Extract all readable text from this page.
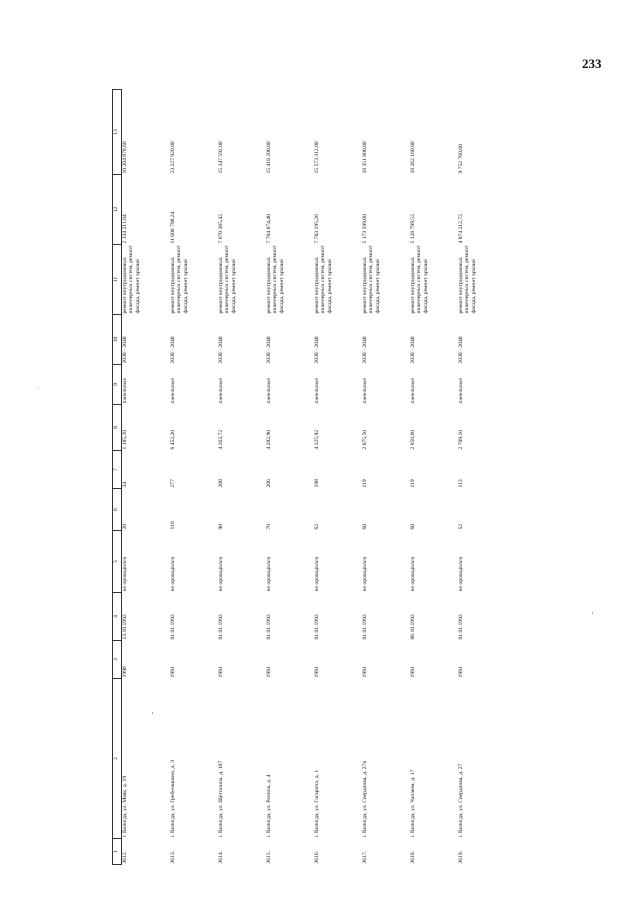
233
1	2	3	4	5	6	7	8	9	10	11	12	13
3612.	г. Вологда, ул. Маяк, д. 19	1990	13.10.1992	не проводился	20	34	1 185,20	панельные	2038 - 2040	ремонт внутридомовых инженерных систем, ремонт фасада, ремонт крыши	2 134 211,04	10 204 878,60
3613.	г. Вологда, ул. Гребенщиков, д. 3	1991	01.01.1992	не проводился	110	277	6 452,20	панельные	2038 - 2040	ремонт внутридомовых инженерных систем, ремонт фасада, ремонт крыши	11 608 798,24	23 227 920,00
3614.	г. Вологда, ул. Щетинина, д. 107	1991	01.01.1992	не проводился	90	208	4 263,72	панельные	2038 - 2040	ремонт внутридомовых инженерных систем, ремонт фасада, ремонт крыши	7 670 385,42	15 347 592,00
3615.	г. Вологда, ул. Репина, д. 4	1991	01.01.1992	не проводился	70	206	4 282,90	панельные	2038 - 2040	ремонт внутридомовых инженерных систем, ремонт фасада, ремонт крыши	7 704 874,40	15 418 200,00
3616.	г. Вологда, ул. Гагарина, д. 1	1991	01.01.1992	не проводился	62	198	4 325,92	панельные	2038 - 2040	ремонт внутридомовых инженерных систем, ремонт фасада, ремонт крыши	7 783 195,26	15 573 312,00
3617.	г. Вологда, ул. Свердлова, д. 27в	1991	01.01.1992	не проводился	60	119	2 875,50	панельные	2038 - 2040	ремонт внутридомовых инженерных систем, ремонт фасада, ремонт крыши	5 173 599,60	10 351 800,00
3618.	г. Вологда, ул. Чапаева, д. 17	1991	06.10.1992	не проводился	60	119	2 850,60	панельные	2038 - 2040	ремонт внутридомовых инженерных систем, ремонт фасада, ремонт крыши	5 128 799,52	10 262 160,00
3619.	г. Вологда, ул. Свердлова, д. 27	1991	01.01.1992	не проводился	52	113	2 709,10	панельные	2038 - 2040	ремонт внутридомовых инженерных систем, ремонт фасада, ремонт крыши	4 874 212,72	9 752 760,00
